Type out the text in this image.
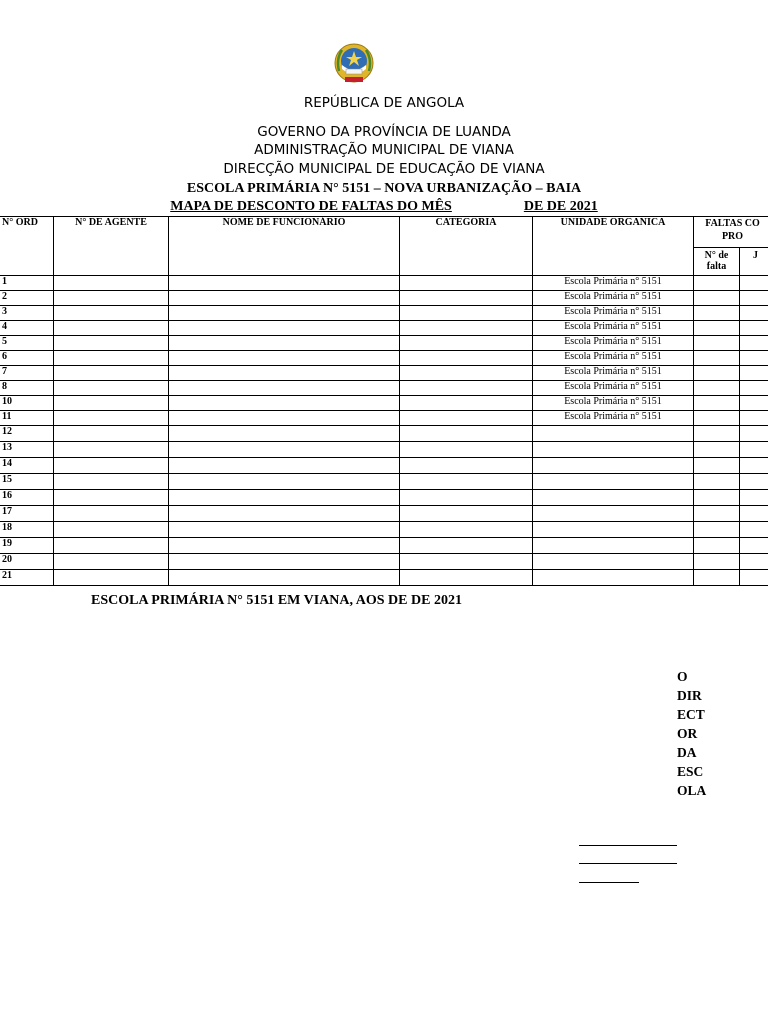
REPÚBLICA DE ANGOLA
GOVERNO DA PROVÍNCIA DE LUANDA
ADMINISTRAÇÃO MUNICIPAL DE VIANA
DIRECÇÃO MUNICIPAL DE EDUCAÇÃO DE VIANA
ESCOLA PRIMÁRIA N° 5151 – NOVA URBANIZAÇÃO – BAIA
MAPA DE DESCONTO DE FALTAS DO MÊS	DE DE 2021
N° ORD	N° DE AGENTE	NOME DE FUNCIONÁRIO	CATEGORIA	UNIDADE ORGANICA	FALTAS CO PRO	
					N° de falta	J
1				Escola Primária n° 5151		
2				Escola Primária n° 5151		
3				Escola Primária n° 5151		
4				Escola Primária n° 5151		
5				Escola Primária n° 5151		
6				Escola Primária n° 5151		
7				Escola Primária n° 5151		
8				Escola Primária n° 5151		
10				Escola Primária n° 5151		
11				Escola Primária n° 5151		
12						
13						
14						
15						
16						
17						
18						
19						
20						
21						
ESCOLA PRIMÁRIA N° 5151 EM VIANA, AOS DE DE 2021
O
DIR
ECT
OR
DA
ESC
OLA
